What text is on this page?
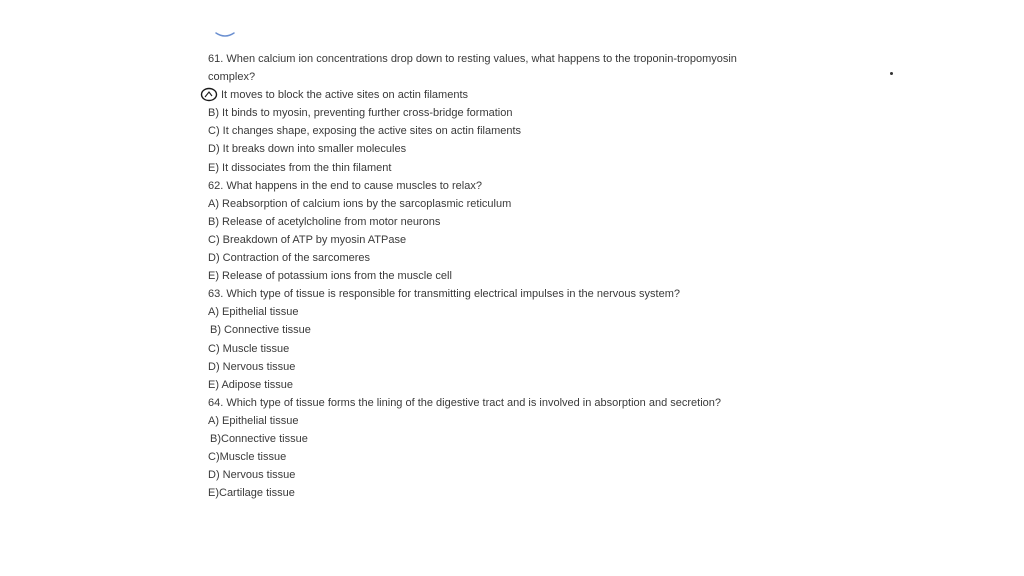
61. When calcium ion concentrations drop down to resting values, what happens to the troponin-tropomyosin
complex?
It moves to block the active sites on actin filaments
B) It binds to myosin, preventing further cross-bridge formation
C) It changes shape, exposing the active sites on actin filaments
D) It breaks down into smaller molecules
E) It dissociates from the thin filament
62. What happens in the end to cause muscles to relax?
A) Reabsorption of calcium ions by the sarcoplasmic reticulum
B) Release of acetylcholine from motor neurons
C) Breakdown of ATP by myosin ATPase
D) Contraction of the sarcomeres
E) Release of potassium ions from the muscle cell
63. Which type of tissue is responsible for transmitting electrical impulses in the nervous system?
A) Epithelial tissue
B) Connective tissue
C) Muscle tissue
D) Nervous tissue
E) Adipose tissue
64. Which type of tissue forms the lining of the digestive tract and is involved in absorption and secretion?
A) Epithelial tissue
B)Connective tissue
C)Muscle tissue
D) Nervous tissue
E)Cartilage tissue
